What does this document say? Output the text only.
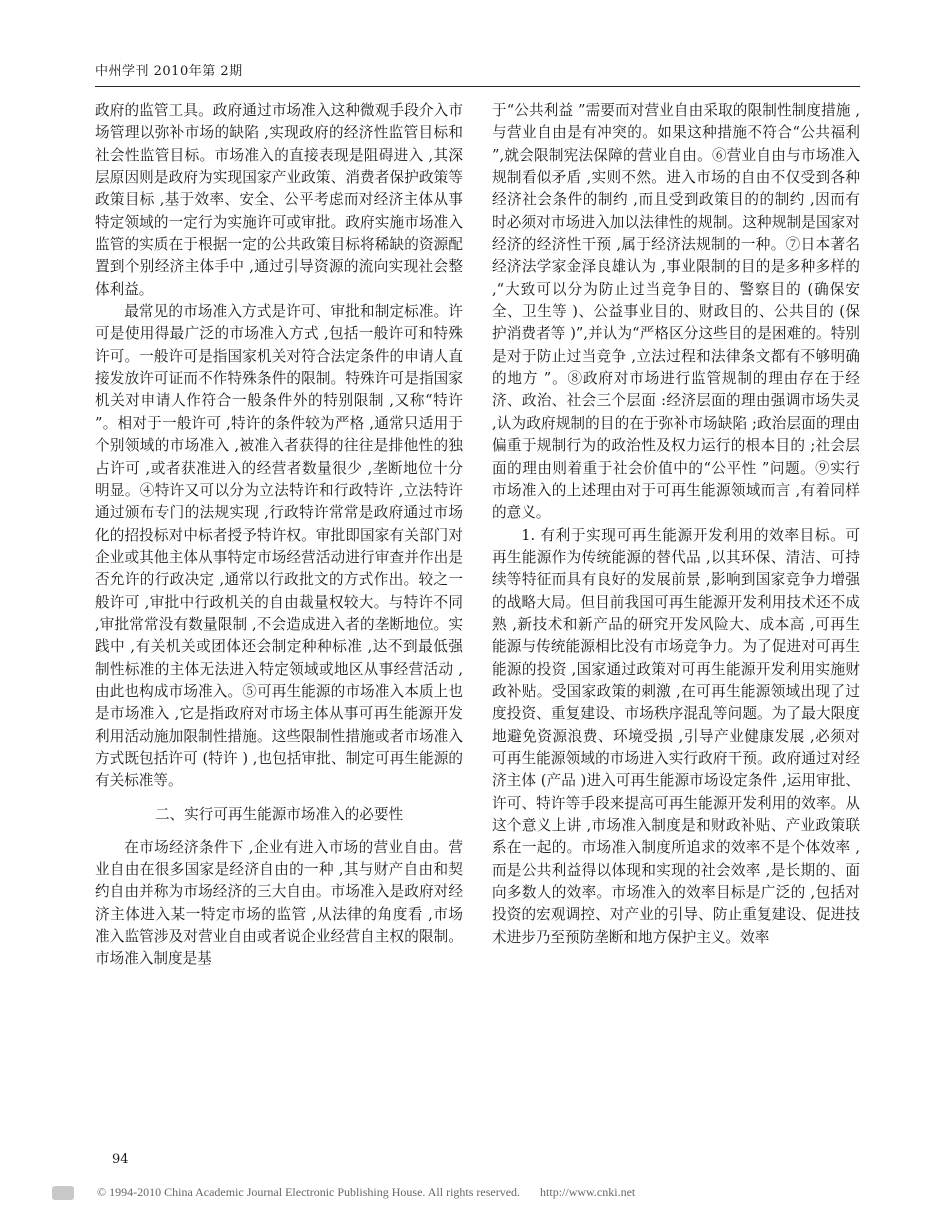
中州学刊 2010年第 2期

政府的监管工具。政府通过市场准入这种微观手段介入市场管理以弥补市场的缺陷 ,实现政府的经济性监管目标和社会性监管目标。市场准入的直接表现是阻碍进入 ,其深层原因则是政府为实现国家产业政策、消费者保护政策等政策目标 ,基于效率、安全、公平考虑而对经济主体从事特定领域的一定行为实施许可或审批。政府实施市场准入监管的实质在于根据一定的公共政策目标将稀缺的资源配置到个别经济主体手中 ,通过引导资源的流向实现社会整体利益。

最常见的市场准入方式是许可、审批和制定标准。许可是使用得最广泛的市场准入方式 ,包括一般许可和特殊许可。一般许可是指国家机关对符合法定条件的申请人直接发放许可证而不作特殊条件的限制。特殊许可是指国家机关对申请人作符合一般条件外的特别限制 ,又称“特许 ”。相对于一般许可 ,特许的条件较为严格 ,通常只适用于个别领域的市场准入 ,被准入者获得的往往是排他性的独占许可 ,或者获准进入的经营者数量很少 ,垄断地位十分明显。④特许又可以分为立法特许和行政特许 ,立法特许通过颁布专门的法规实现 ,行政特许常常是政府通过市场化的招投标对中标者授予特许权。审批即国家有关部门对企业或其他主体从事特定市场经营活动进行审查并作出是否允许的行政决定 ,通常以行政批文的方式作出。较之一般许可 ,审批中行政机关的自由裁量权较大。与特许不同 ,审批常常没有数量限制 ,不会造成进入者的垄断地位。实践中 ,有关机关或团体还会制定种种标准 ,达不到最低强制性标准的主体无法进入特定领域或地区从事经营活动 ,由此也构成市场准入。⑤可再生能源的市场准入本质上也是市场准入 ,它是指政府对市场主体从事可再生能源开发利用活动施加限制性措施。这些限制性措施或者市场准入方式既包括许可 (特许 ) ,也包括审批、制定可再生能源的有关标准等。

二、实行可再生能源市场准入的必要性

在市场经济条件下 ,企业有进入市场的营业自由。营业自由在很多国家是经济自由的一种 ,其与财产自由和契约自由并称为市场经济的三大自由。市场准入是政府对经济主体进入某一特定市场的监管 ,从法律的角度看 ,市场准入监管涉及对营业自由或者说企业经营自主权的限制。市场准入制度是基

于“公共利益 ”需要而对营业自由采取的限制性制度措施 ,与营业自由是有冲突的。如果这种措施不符合“公共福利 ”,就会限制宪法保障的营业自由。⑥营业自由与市场准入规制看似矛盾 ,实则不然。进入市场的自由不仅受到各种经济社会条件的制约 ,而且受到政策目的的制约 ,因而有时必须对市场进入加以法律性的规制。这种规制是国家对经济的经济性干预 ,属于经济法规制的一种。⑦日本著名经济法学家金泽良雄认为 ,事业限制的目的是多种多样的 ,“大致可以分为防止过当竞争目的、警察目的 (确保安全、卫生等 )、公益事业目的、财政目的、公共目的 (保护消费者等 )”,并认为“严格区分这些目的是困难的。特别是对于防止过当竞争 ,立法过程和法律条文都有不够明确的地方 ”。⑧政府对市场进行监管规制的理由存在于经济、政治、社会三个层面 :经济层面的理由强调市场失灵 ,认为政府规制的目的在于弥补市场缺陷 ;政治层面的理由偏重于规制行为的政治性及权力运行的根本目的 ;社会层面的理由则着重于社会价值中的“公平性 ”问题。⑨实行市场准入的上述理由对于可再生能源领域而言 ,有着同样的意义。

1. 有利于实现可再生能源开发利用的效率目标。可再生能源作为传统能源的替代品 ,以其环保、清洁、可持续等特征而具有良好的发展前景 ,影响到国家竞争力增强的战略大局。但目前我国可再生能源开发利用技术还不成熟 ,新技术和新产品的研究开发风险大、成本高 ,可再生能源与传统能源相比没有市场竞争力。为了促进对可再生能源的投资 ,国家通过政策对可再生能源开发利用实施财政补贴。受国家政策的刺激 ,在可再生能源领域出现了过度投资、重复建设、市场秩序混乱等问题。为了最大限度地避免资源浪费、环境受损 ,引导产业健康发展 ,必须对可再生能源领域的市场进入实行政府干预。政府通过对经济主体 (产品 )进入可再生能源市场设定条件 ,运用审批、许可、特许等手段来提高可再生能源开发利用的效率。从这个意义上讲 ,市场准入制度是和财政补贴、产业政策联系在一起的。市场准入制度所追求的效率不是个体效率 ,而是公共利益得以体现和实现的社会效率 ,是长期的、面向多数人的效率。市场准入的效率目标是广泛的 ,包括对投资的宏观调控、对产业的引导、防止重复建设、促进技术进步乃至预防垄断和地方保护主义。效率

94
© 1994-2010 China Academic Journal Electronic Publishing House. All rights reserved. http://www.cnki.net
